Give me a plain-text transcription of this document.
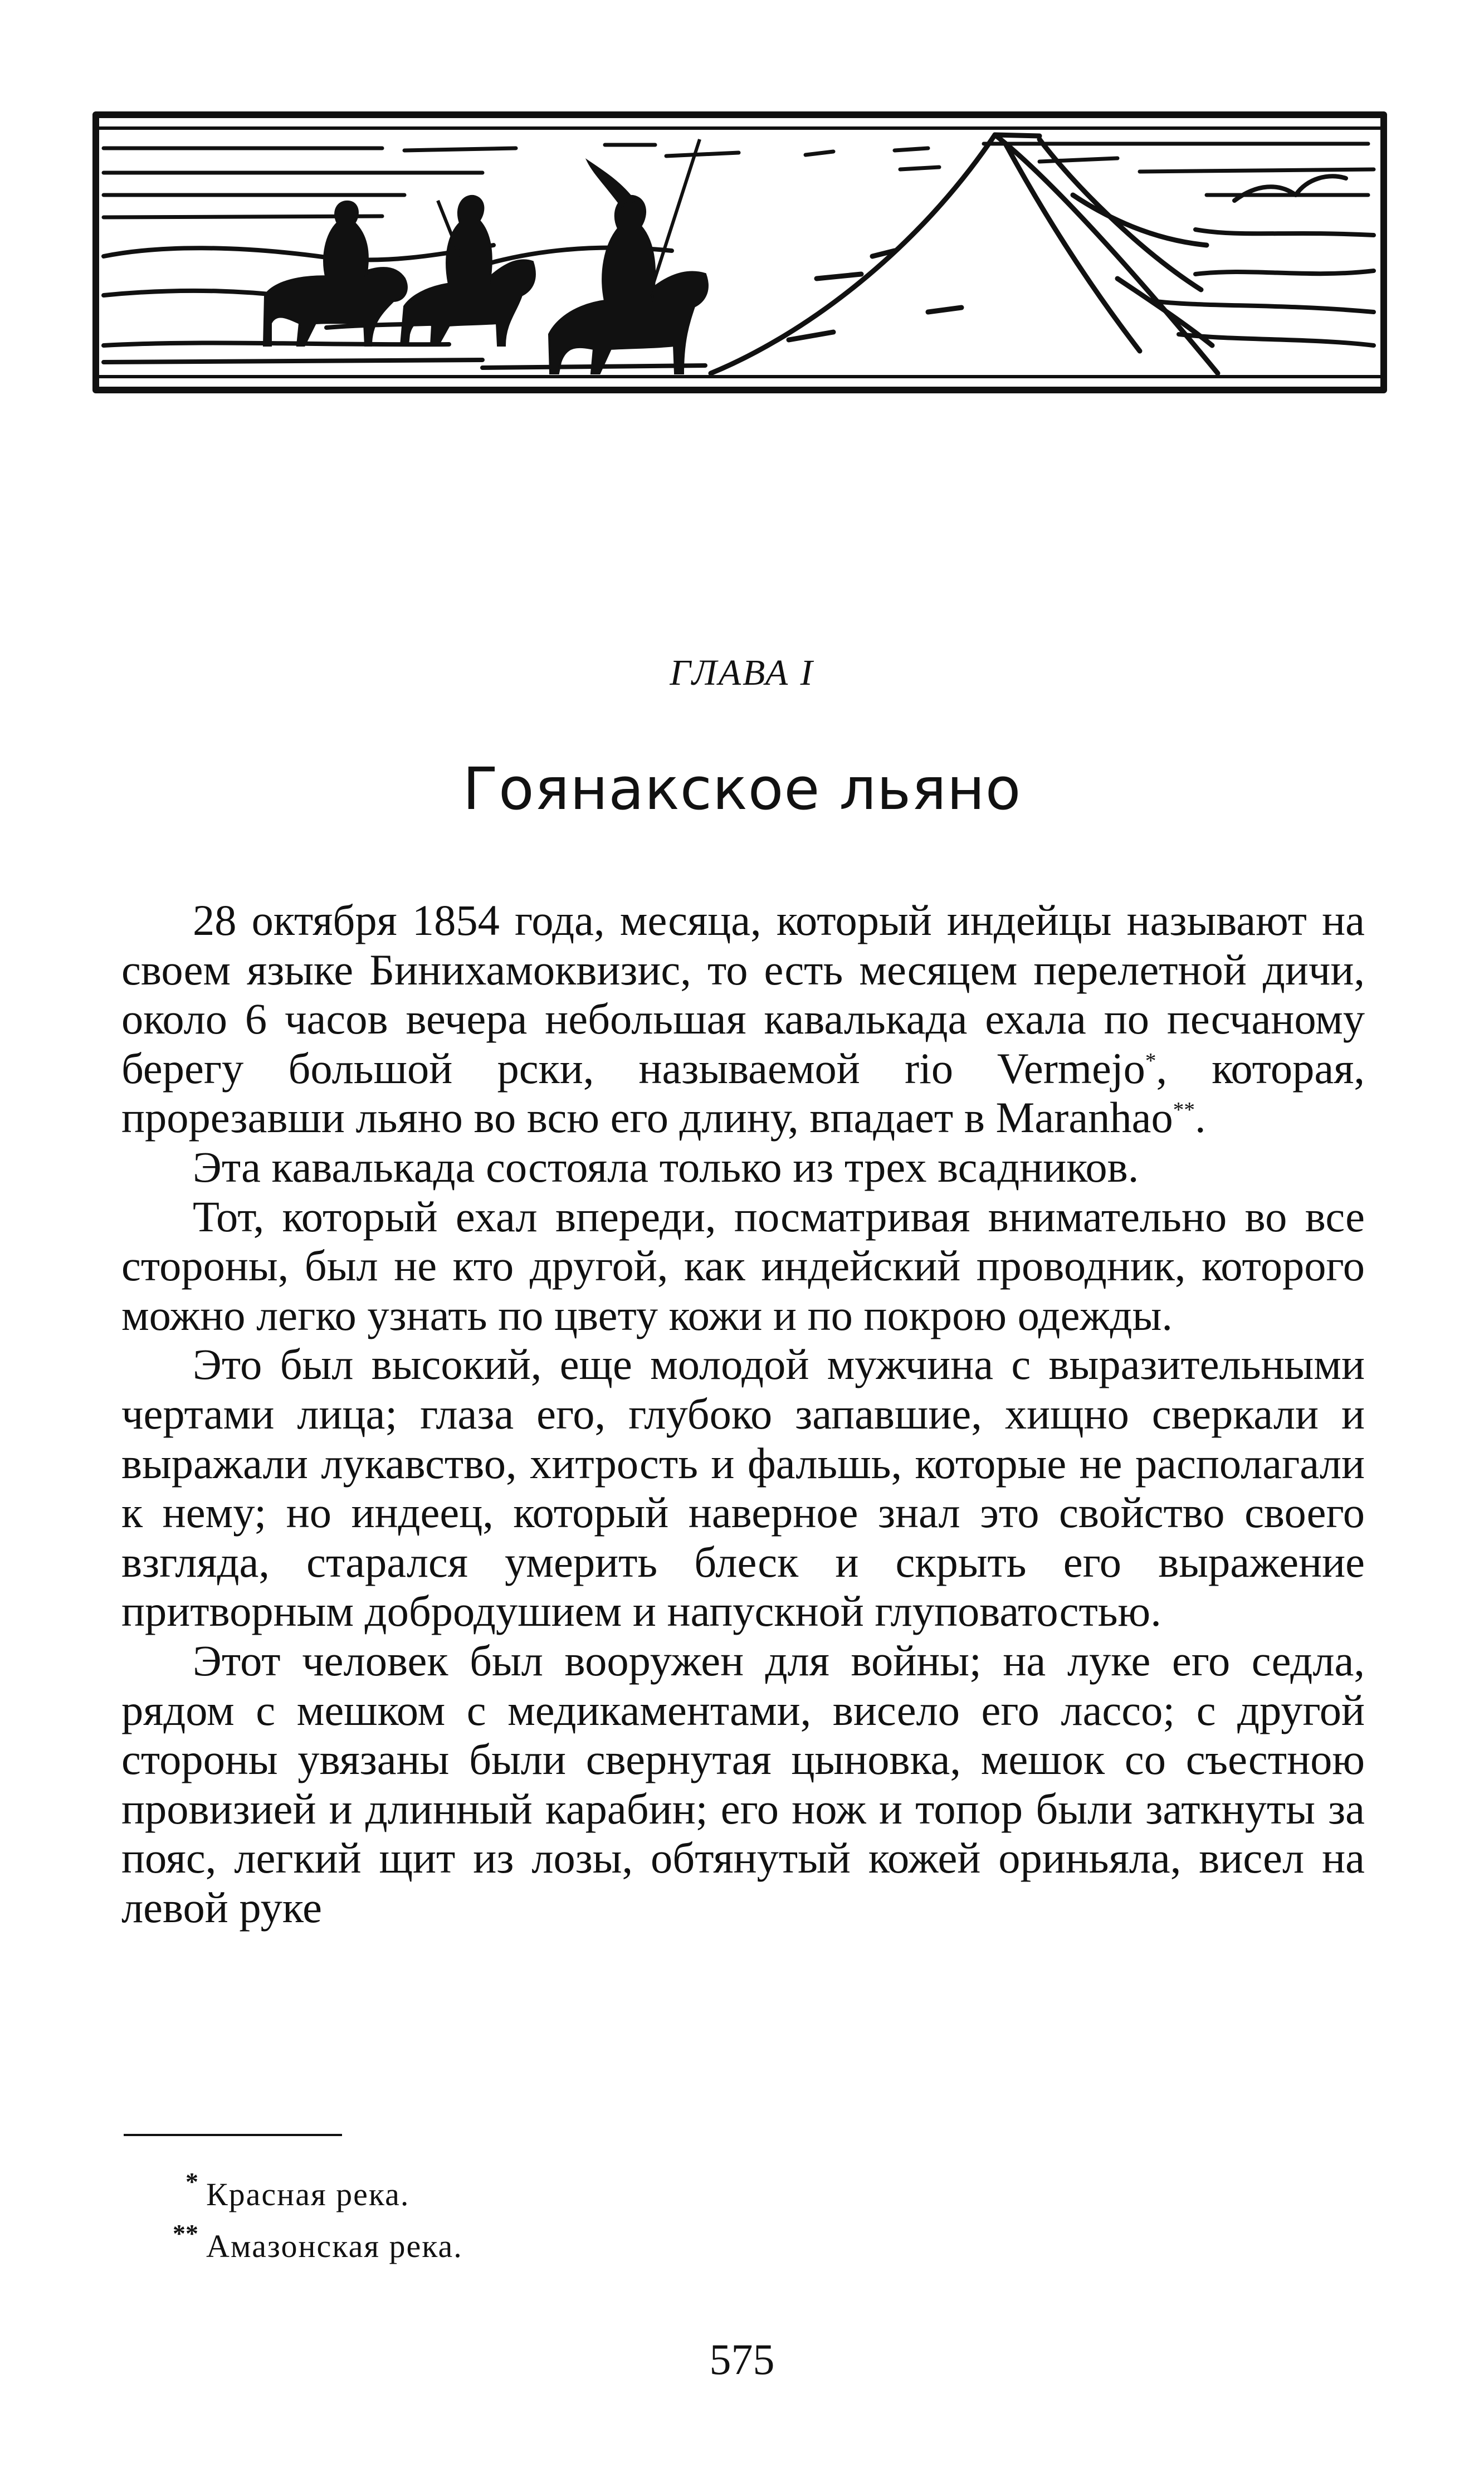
ГЛАВА I
Гоянакское льяно

28 октября 1854 года, месяца, который индейцы называют на своем языке Бинихамоквизис, то есть месяцем перелетной дичи, около 6 часов вечера небольшая кавалькада ехала по песчаному берегу большой рски, называемой rio Vermejo*, которая, прорезавши льяно во всю его длину, впадает в Maranhao**.

Эта кавалькада состояла только из трех всадников.

Тот, который ехал впереди, посматривая внимательно во все стороны, был не кто другой, как индейский проводник, которого можно легко узнать по цвету кожи и по покрою одежды.

Это был высокий, еще молодой мужчина с выразительными чертами лица; глаза его, глубоко запавшие, хищно сверкали и выражали лукавство, хитрость и фальшь, которые не располагали к нему; но индеец, который наверное знал это свойство своего взгляда, старался умерить блеск и скрыть его выражение притворным добродушием и напускной глуповатостью.

Этот человек был вооружен для войны; на луке его седла, рядом с мешком с медикаментами, висело его лассо; с другой стороны увязаны были свернутая цыновка, мешок со съестною провизией и длинный карабин; его нож и топор были заткнуты за пояс, легкий щит из лозы, обтянутый кожей ориньяла, висел на левой руке

* Красная река.
** Амазонская река.
575
